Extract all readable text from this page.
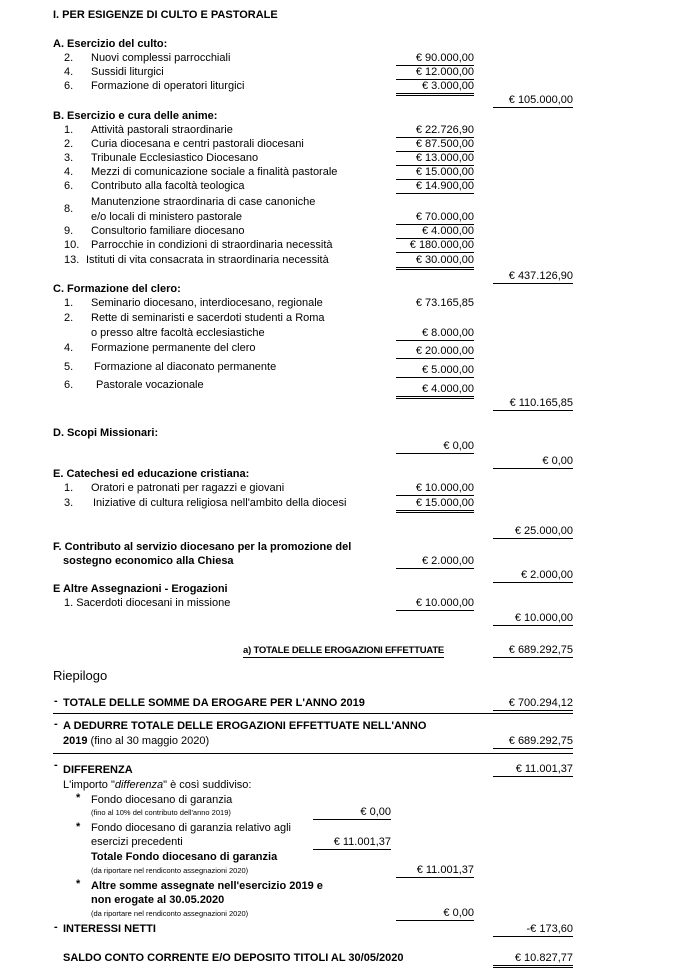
I. PER ESIGENZE DI CULTO E PASTORALE
A. Esercizio del culto:
2. Nuovi complessi parrocchiali	€ 90.000,00
4. Sussidi liturgici	€ 12.000,00
6. Formazione di operatori liturgici	€ 3.000,00
€ 105.000,00
B. Esercizio e cura delle anime:
1. Attività pastorali straordinarie	€ 22.726,90
2. Curia diocesana e centri pastorali diocesani	€ 87.500,00
3. Tribunale Ecclesiastico Diocesano	€ 13.000,00
4. Mezzi di comunicazione sociale a finalità pastorale	€ 15.000,00
6. Contributo alla facoltà teologica	€ 14.900,00
8.
Manutenzione straordinaria di case canoniche
e/o locali di ministero pastorale	€ 70.000,00
9. Consultorio familiare diocesano	€ 4.000,00
10. Parrocchie in condizioni di straordinaria necessità	€ 180.000,00
13. Istituti di vita consacrata in straordinaria necessità	€ 30.000,00
€ 437.126,90
C. Formazione del clero:
1. Seminario diocesano, interdiocesano, regionale	€ 73.165,85
2. Rette di seminaristi e sacerdoti studenti a Roma
o presso altre facoltà ecclesiastiche	€ 8.000,00
4. Formazione permanente del clero	€ 20.000,00
5. Formazione al diaconato permanente	€ 5.000,00
6. Pastorale vocazionale	€ 4.000,00
€ 110.165,85
D. Scopi Missionari:
€ 0,00
€ 0,00
E. Catechesi ed educazione cristiana:
1. Oratori e patronati per ragazzi e giovani	€ 10.000,00
3. Iniziative di cultura religiosa nell'ambito della diocesi	€ 15.000,00
€ 25.000,00
F. Contributo al servizio diocesano per la promozione del
sostegno economico alla Chiesa	€ 2.000,00
€ 2.000,00
E Altre Assegnazioni - Erogazioni
1. Sacerdoti diocesani in missione	€ 10.000,00
€ 10.000,00
a) TOTALE DELLE EROGAZIONI EFFETTUATE	€ 689.292,75
Riepilogo
- TOTALE DELLE SOMME DA EROGARE PER L'ANNO 2019	€ 700.294,12
- A DEDURRE TOTALE DELLE EROGAZIONI EFFETTUATE NELL'ANNO
2019 (fino al 30 maggio 2020)	€ 689.292,75
- DIFFERENZA	€ 11.001,37
L'importo "differenza" è così suddiviso:
* Fondo diocesano di garanzia
(fino al 10% del contributo dell'anno 2019)	€ 0,00
* Fondo diocesano di garanzia relativo agli
esercizi precedenti	€ 11.001,37
Totale Fondo diocesano di garanzia
(da riportare nel rendiconto assegnazioni 2020)	€ 11.001,37
* Altre somme assegnate nell'esercizio 2019 e
non erogate al 30.05.2020
(da riportare nel rendiconto assegnazioni 2020)	€ 0,00
- INTERESSI NETTI	-€ 173,60
SALDO CONTO CORRENTE E/O DEPOSITO TITOLI AL 30/05/2020	€ 10.827,77
